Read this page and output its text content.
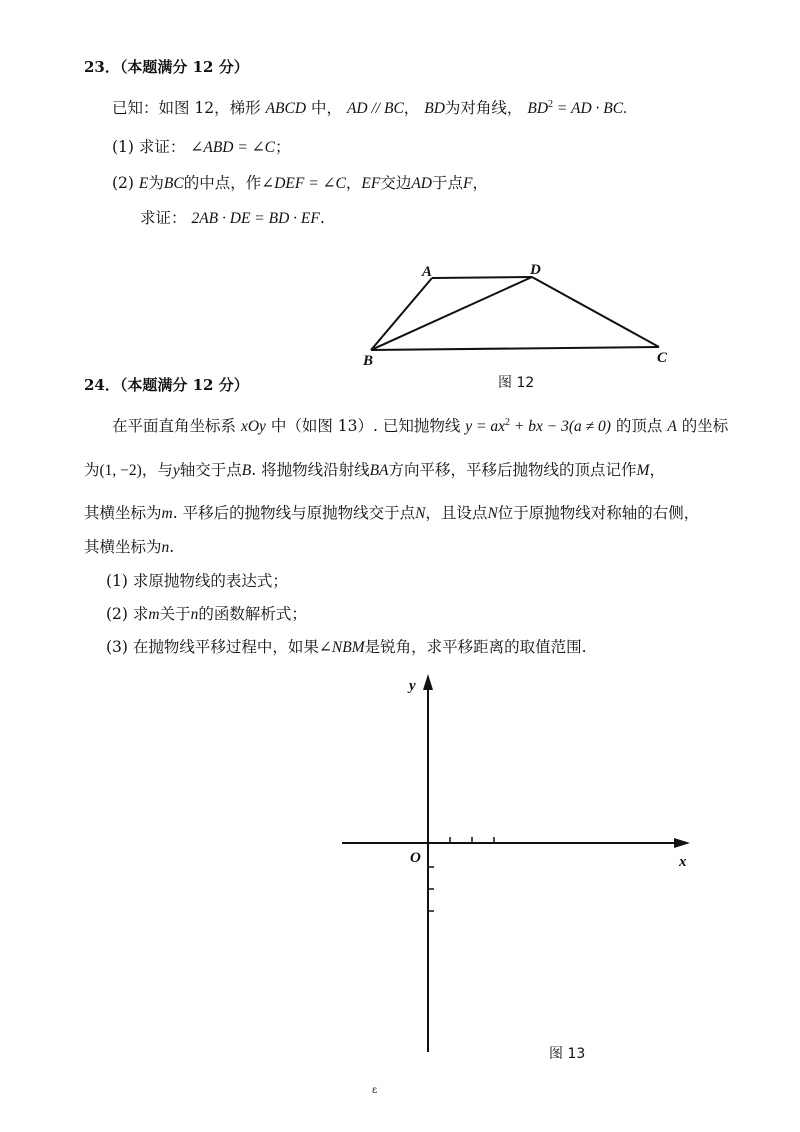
23．（本题满分 12 分）
已知：如图 12，梯形 ABCD 中， AD // BC， BD为对角线， $BD^2$ = AD · BC.
(1) 求证： ∠ABD = ∠C；
(2) E为BC的中点，作∠DEF = ∠C，EF交边AD于点F，
求证： 2AB · DE = BD · EF.
A	D
B	C
图 12
24．（本题满分 12 分）
在平面直角坐标系 xOy 中（如图 13）. 已知抛物线 $y = ax^2$ + bx − 3(a ≠ 0) 的顶点 A 的坐标
为(1, −2)，与y轴交于点B. 将抛物线沿射线BA方向平移，平移后抛物线的顶点记作M，
其横坐标为m. 平移后的抛物线与原抛物线交于点N，且设点N位于原抛物线对称轴的右侧，
其横坐标为n.
(1) 求原抛物线的表达式；
(2) 求m关于n的函数解析式；
(3) 在抛物线平移过程中，如果∠NBM是锐角，求平移距离的取值范围.
x
y
O
图 13
ε
